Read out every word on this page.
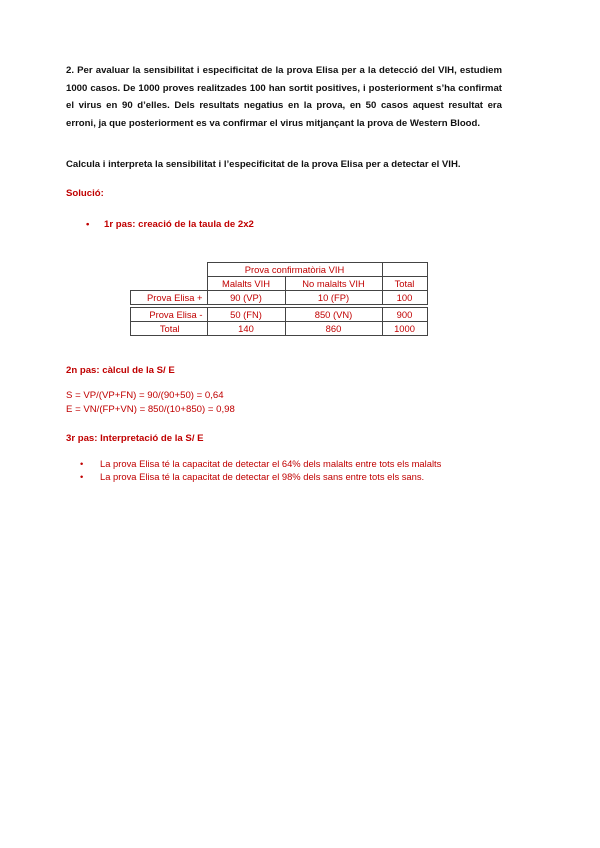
2. Per avaluar la sensibilitat i especificitat de la prova Elisa per a la detecció del VIH, estudiem 1000 casos. De 1000 proves realitzades 100 han sortit positives, i posteriorment s’ha confirmat el virus en 90 d’elles. Dels resultats negatius en la prova, en 50 casos aquest resultat era erroni, ja que posteriorment es va confirmar el virus mitjançant la prova de Western Blood.
Calcula i interpreta la sensibilitat i l’especificitat de la prova Elisa per a detectar el VIH.
Solució:
• 1r pas: creació de la taula de 2x2
	Prova confirmatòria VIH		
	Malalts VIH	No malalts VIH	Total
Prova Elisa +	90 (VP)	10 (FP)	100

Prova Elisa -	50 (FN)	850 (VN)	900
Total	140	860	1000
2n pas: càlcul de la S/ E
S = VP/(VP+FN) = 90/(90+50) = 0,64
E = VN/(FP+VN) = 850/(10+850) = 0,98
3r pas: Interpretació de la S/ E
• La prova Elisa té la capacitat de detectar el 64% dels malalts entre tots els malalts
• La prova Elisa té la capacitat de detectar el 98% dels sans entre tots els sans.
